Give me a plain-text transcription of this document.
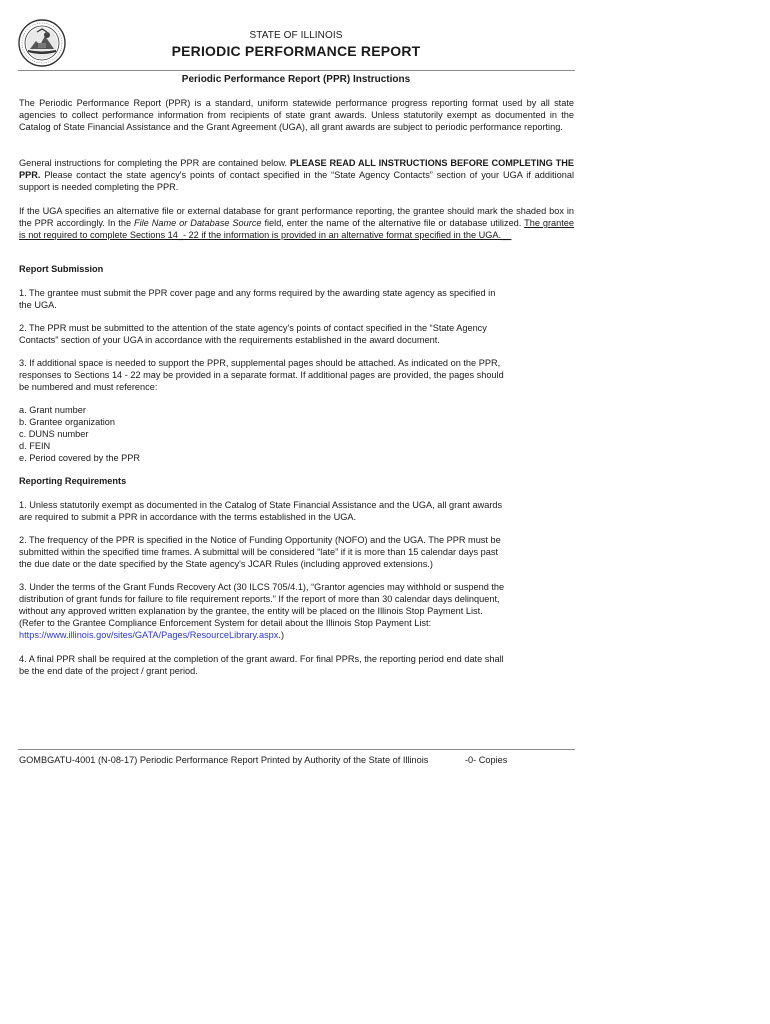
STATE OF ILLINOIS
PERIODIC PERFORMANCE REPORT
Periodic Performance Report (PPR) Instructions
The Periodic Performance Report (PPR) is a standard, uniform statewide performance progress reporting format used by all state agencies to collect performance information from recipients of state grant awards. Unless statutorily exempt as documented in the Catalog of State Financial Assistance and the Grant Agreement (UGA), all grant awards are subject to periodic performance reporting.
General instructions for completing the PPR are contained below. PLEASE READ ALL INSTRUCTIONS BEFORE COMPLETING THE PPR. Please contact the state agency's points of contact specified in the “State Agency Contacts” section of your UGA if additional support is needed completing the PPR.
If the UGA specifies an alternative file or external database for grant performance reporting, the grantee should mark the shaded box in the PPR accordingly. In the File Name or Database Source field, enter the name of the alternative file or database utilized. The grantee is not required to complete Sections 14_- 22 if the information is provided in an alternative format specified in the UGA.__
Report Submission
1. The grantee must submit the PPR cover page and any forms required by the awarding state agency as specified in the UGA.
2. The PPR must be submitted to the attention of the state agency's points of contact specified in the “State Agency Contacts” section of your UGA in accordance with the requirements established in the award document.
3. If additional space is needed to support the PPR, supplemental pages should be attached. As indicated on the PPR, responses to Sections 14 - 22 may be provided in a separate format. If additional pages are provided, the pages should be numbered and must reference:
a. Grant number
b. Grantee organization
c. DUNS number
d. FEIN
e. Period covered by the PPR
Reporting Requirements
1. Unless statutorily exempt as documented in the Catalog of State Financial Assistance and the UGA, all grant awards are required to submit a PPR in accordance with the terms established in the UGA.
2. The frequency of the PPR is specified in the Notice of Funding Opportunity (NOFO) and the UGA. The PPR must be submitted within the specified time frames. A submittal will be considered “late” if it is more than 15 calendar days past the due date or the date specified by the State agency's JCAR Rules (including approved extensions.)
3. Under the terms of the Grant Funds Recovery Act (30 ILCS 705/4.1), “Grantor agencies may withhold or suspend the distribution of grant funds for failure to file requirement reports.” If the report of more than 30 calendar days delinquent, without any approved written explanation by the grantee, the entity will be placed on the Illinois Stop Payment List. (Refer to the Grantee Compliance Enforcement System for detail about the Illinois Stop Payment List: https://www.illinois.gov/sites/GATA/Pages/ResourceLibrary.aspx.)
4. A final PPR shall be required at the completion of the grant award. For final PPRs, the reporting period end date shall be the end date of the project / grant period.
GOMBGATU-4001 (N-08-17) Periodic Performance Report Printed by Authority of the State of Illinois	-0- Copies
